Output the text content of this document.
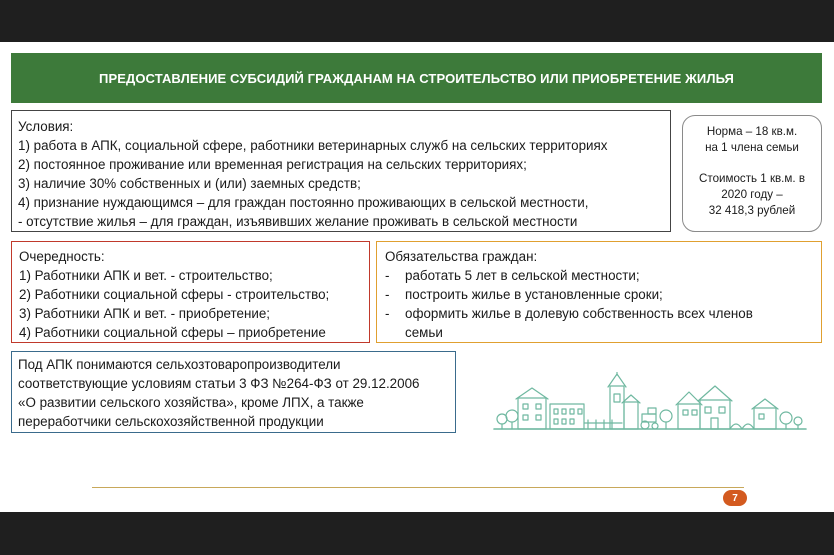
ПРЕДОСТАВЛЕНИЕ СУБСИДИЙ ГРАЖДАНАМ НА СТРОИТЕЛЬСТВО ИЛИ ПРИОБРЕТЕНИЕ ЖИЛЬЯ
Условия:
1) работа в АПК, социальной сфере, работники ветеринарных служб на сельских территориях
2) постоянное проживание или временная регистрация на сельских территориях;
3) наличие 30% собственных и (или) заемных средств;
4) признание нуждающимся – для граждан постоянно проживающих в сельской местности,
- отсутствие жилья – для граждан, изъявивших желание проживать в сельской местности

Норма – 18 кв.м.

на 1 члена семьи

Стоимость 1 кв.м. в

2020 году –

32 418,3 рублей

Очередность:
1) Работники АПК и вет. - строительство;
2) Работники социальной сферы - строительство;
3) Работники АПК и вет. - приобретение;
4) Работники социальной сферы – приобретение
Обязательства граждан:
-	работать 5 лет в сельской местности;
-	построить жилье в установленные сроки;
-	оформить жилье в долевую собственность всех членов семьи
Под АПК понимаются сельхозтоваропроизводители
соответствующие условиям статьи 3 ФЗ №264-ФЗ от 29.12.2006
«О развитии сельского хозяйства», кроме ЛПХ, а также
переработчики сельскохозяйственной продукции
7
